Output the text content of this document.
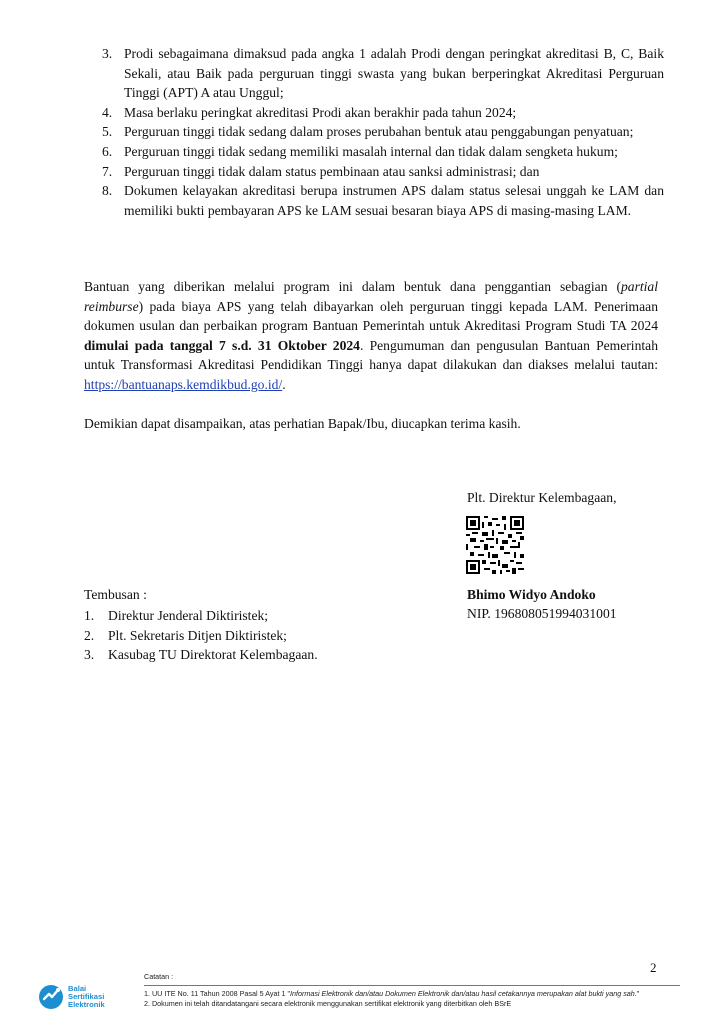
3. Prodi sebagaimana dimaksud pada angka 1 adalah Prodi dengan peringkat akreditasi B, C, Baik Sekali, atau Baik pada perguruan tinggi swasta yang bukan berperingkat Akreditasi Perguruan Tinggi (APT) A atau Unggul;
4. Masa berlaku peringkat akreditasi Prodi akan berakhir pada tahun 2024;
5. Perguruan tinggi tidak sedang dalam proses perubahan bentuk atau penggabungan penyatuan;
6. Perguruan tinggi tidak sedang memiliki masalah internal dan tidak dalam sengketa hukum;
7. Perguruan tinggi tidak dalam status pembinaan atau sanksi administrasi; dan
8. Dokumen kelayakan akreditasi berupa instrumen APS dalam status selesai unggah ke LAM dan memiliki bukti pembayaran APS ke LAM sesuai besaran biaya APS di masing-masing LAM.

Bantuan yang diberikan melalui program ini dalam bentuk dana penggantian sebagian (partial reimburse) pada biaya APS yang telah dibayarkan oleh perguruan tinggi kepada LAM. Penerimaan dokumen usulan dan perbaikan program Bantuan Pemerintah untuk Akreditasi Program Studi TA 2024 dimulai pada tanggal 7 s.d. 31 Oktober 2024. Pengumuman dan pengusulan Bantuan Pemerintah untuk Transformasi Akreditasi Pendidikan Tinggi hanya dapat dilakukan dan diakses melalui tautan: https://bantuanaps.kemdikbud.go.id/.

Demikian dapat disampaikan, atas perhatian Bapak/Ibu, diucapkan terima kasih.

Plt. Direktur Kelembagaan,
Bhimo Widyo Andoko
NIP. 196808051994031001
Tembusan :
1.	Direktur Jenderal Diktiristek;
2.	Plt. Sekretaris Ditjen Diktiristek;
3.	Kasubag TU Direktorat Kelembagaan.
2
Balai
Sertifikasi
Elektronik
Catatan :
1. UU ITE No. 11 Tahun 2008 Pasal 5 Ayat 1 "Informasi Elektronik dan/atau Dokumen Elektronik dan/atau hasil cetakannya merupakan alat bukti yang sah."
2. Dokumen ini telah ditandatangani secara elektronik menggunakan sertifikat elektronik yang diterbitkan oleh BSrE
